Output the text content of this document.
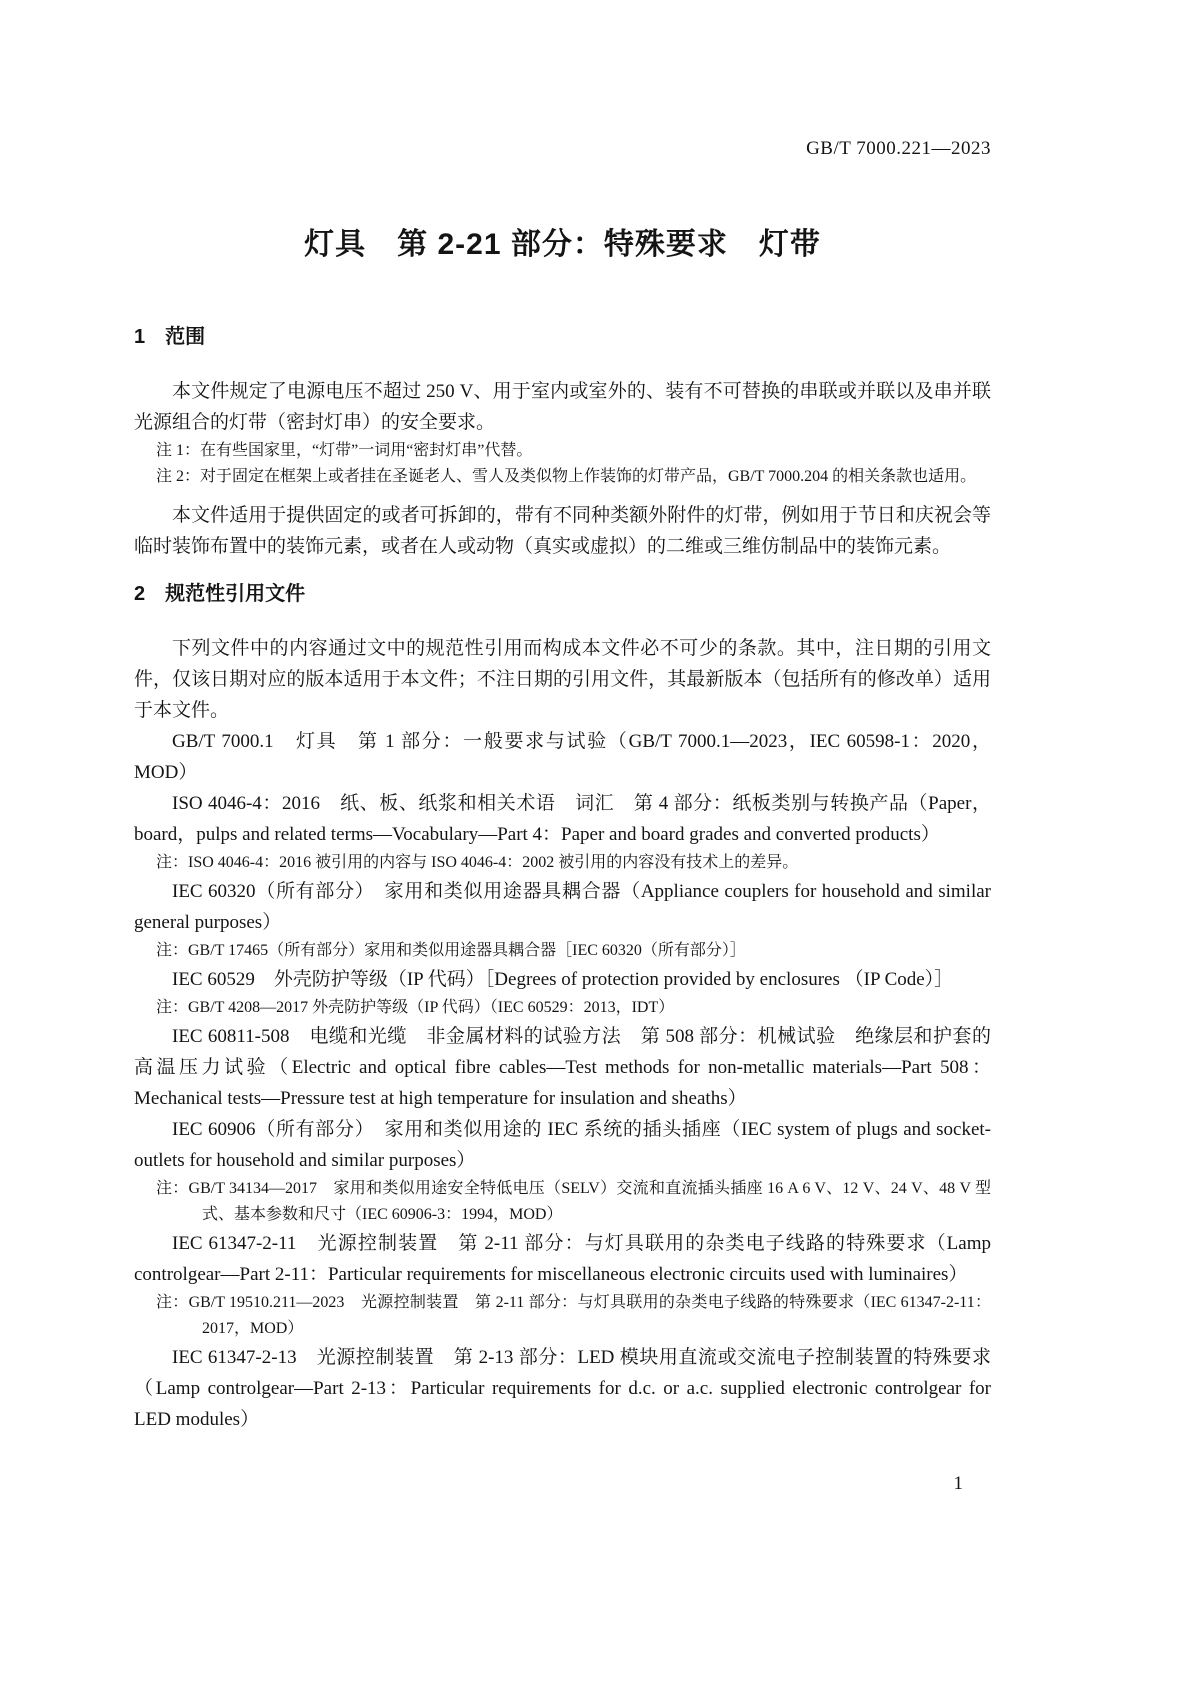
GB/T 7000.221—2023
灯具　第 2-21 部分：特殊要求　灯带
1　范围

本文件规定了电源电压不超过 250 V、用于室内或室外的、装有不可替换的串联或并联以及串并联光源组合的灯带（密封灯串）的安全要求。

注 1：在有些国家里，“灯带”一词用“密封灯串”代替。

注 2：对于固定在框架上或者挂在圣诞老人、雪人及类似物上作装饰的灯带产品，GB/T 7000.204 的相关条款也适用。

本文件适用于提供固定的或者可拆卸的，带有不同种类额外附件的灯带，例如用于节日和庆祝会等临时装饰布置中的装饰元素，或者在人或动物（真实或虚拟）的二维或三维仿制品中的装饰元素。

2　规范性引用文件

下列文件中的内容通过文中的规范性引用而构成本文件必不可少的条款。其中，注日期的引用文件，仅该日期对应的版本适用于本文件；不注日期的引用文件，其最新版本（包括所有的修改单）适用于本文件。

GB/T 7000.1　灯具　第 1 部分：一般要求与试验（GB/T 7000.1—2023，IEC 60598-1：2020，MOD）

ISO 4046-4：2016　纸、板、纸浆和相关术语　词汇　第 4 部分：纸板类别与转换产品（Paper，board，pulps and related terms—Vocabulary—Part 4：Paper and board grades and converted products）

注：ISO 4046-4：2016 被引用的内容与 ISO 4046-4：2002 被引用的内容没有技术上的差异。

IEC 60320（所有部分）　家用和类似用途器具耦合器（Appliance couplers for household and similar general purposes）

注：GB/T 17465（所有部分）家用和类似用途器具耦合器［IEC 60320（所有部分）］

IEC 60529　外壳防护等级（IP 代码）［Degrees of protection provided by enclosures （IP Code）］

注：GB/T 4208—2017 外壳防护等级（IP 代码）（IEC 60529：2013，IDT）

IEC 60811-508　电缆和光缆　非金属材料的试验方法　第 508 部分：机械试验　绝缘层和护套的高温压力试验（Electric and optical fibre cables—Test methods for non-metallic materials—Part 508：Mechanical tests—Pressure test at high temperature for insulation and sheaths）

IEC 60906（所有部分）　家用和类似用途的 IEC 系统的插头插座（IEC system of plugs and socket-outlets for household and similar purposes）

注：GB/T 34134—2017　家用和类似用途安全特低电压（SELV）交流和直流插头插座 16 A 6 V、12 V、24 V、48 V 型式、基本参数和尺寸（IEC 60906-3：1994，MOD）

IEC 61347-2-11　光源控制装置　第 2-11 部分：与灯具联用的杂类电子线路的特殊要求（Lamp controlgear—Part 2-11：Particular requirements for miscellaneous electronic circuits used with luminaires）

注：GB/T 19510.211—2023　光源控制装置　第 2-11 部分：与灯具联用的杂类电子线路的特殊要求（IEC 61347-2-11：2017，MOD）

IEC 61347-2-13　光源控制装置　第 2-13 部分：LED 模块用直流或交流电子控制装置的特殊要求（Lamp controlgear—Part 2-13：Particular requirements for d.c. or a.c. supplied electronic controlgear for LED modules）

1
